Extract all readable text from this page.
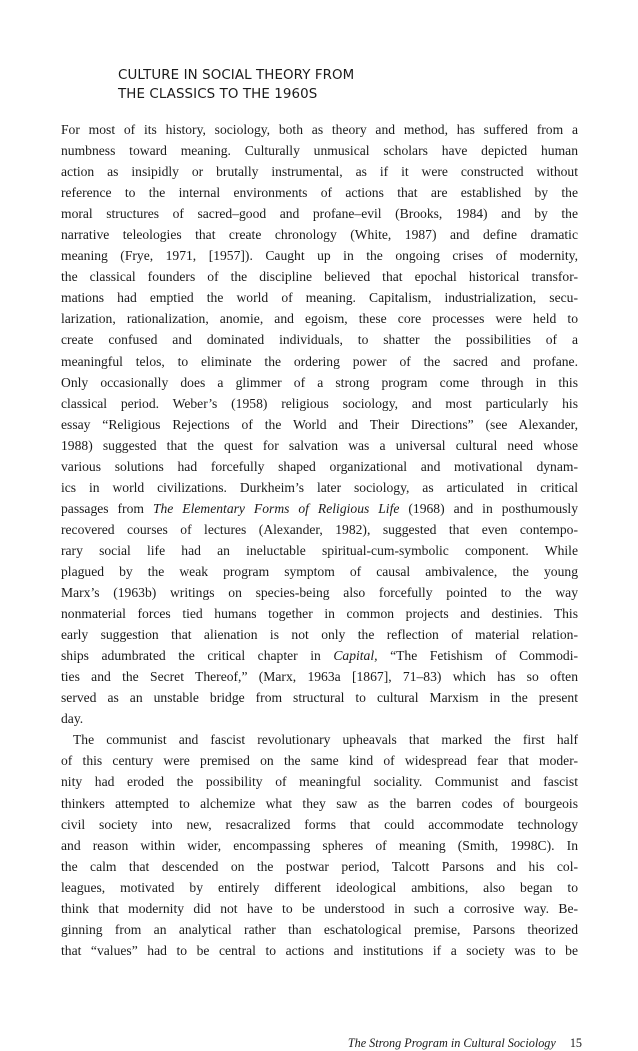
CULTURE IN SOCIAL THEORY FROM
THE CLASSICS TO THE 1960S
For most of its history, sociology, both as theory and method, has suffered from a
numbness toward meaning. Culturally unmusical scholars have depicted human
action as insipidly or brutally instrumental, as if it were constructed without
reference to the internal environments of actions that are established by the
moral structures of sacred–good and profane–evil (Brooks, 1984) and by the
narrative teleologies that create chronology (White, 1987) and define dramatic
meaning (Frye, 1971, [1957]). Caught up in the ongoing crises of modernity,
the classical founders of the discipline believed that epochal historical transfor-
mations had emptied the world of meaning. Capitalism, industrialization, secu-
larization, rationalization, anomie, and egoism, these core processes were held to
create confused and dominated individuals, to shatter the possibilities of a
meaningful telos, to eliminate the ordering power of the sacred and profane.
Only occasionally does a glimmer of a strong program come through in this
classical period. Weber’s (1958) religious sociology, and most particularly his
essay “Religious Rejections of the World and Their Directions” (see Alexander,
1988) suggested that the quest for salvation was a universal cultural need whose
various solutions had forcefully shaped organizational and motivational dynam-
ics in world civilizations. Durkheim’s later sociology, as articulated in critical
passages from The Elementary Forms of Religious Life (1968) and in posthumously
recovered courses of lectures (Alexander, 1982), suggested that even contempo-
rary social life had an ineluctable spiritual-cum-symbolic component. While
plagued by the weak program symptom of causal ambivalence, the young
Marx’s (1963b) writings on species-being also forcefully pointed to the way
nonmaterial forces tied humans together in common projects and destinies. This
early suggestion that alienation is not only the reflection of material relation-
ships adumbrated the critical chapter in Capital, “The Fetishism of Commodi-
ties and the Secret Thereof,” (Marx, 1963a [1867], 71–83) which has so often
served as an unstable bridge from structural to cultural Marxism in the present
day.
The communist and fascist revolutionary upheavals that marked the first half
of this century were premised on the same kind of widespread fear that moder-
nity had eroded the possibility of meaningful sociality. Communist and fascist
thinkers attempted to alchemize what they saw as the barren codes of bourgeois
civil society into new, resacralized forms that could accommodate technology
and reason within wider, encompassing spheres of meaning (Smith, 1998C). In
the calm that descended on the postwar period, Talcott Parsons and his col-
leagues, motivated by entirely different ideological ambitions, also began to
think that modernity did not have to be understood in such a corrosive way. Be-
ginning from an analytical rather than eschatological premise, Parsons theorized
that “values” had to be central to actions and institutions if a society was to be
The Strong Program in Cultural Sociology 15
